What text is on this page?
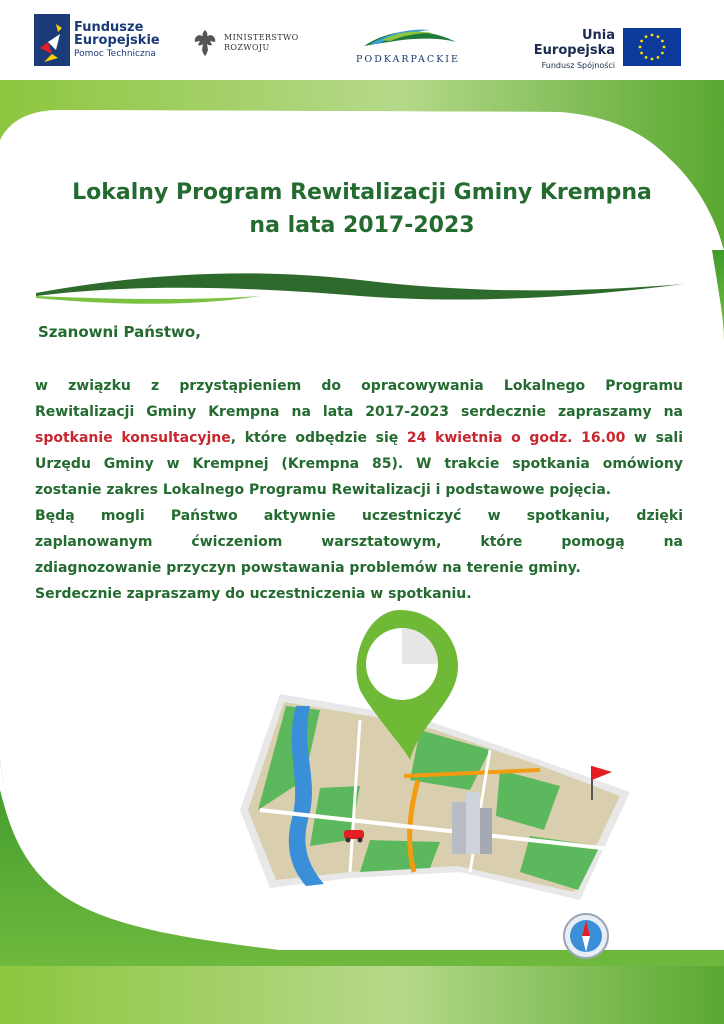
Fundusze
Europejskie
Pomoc Techniczna
MINISTERSTWO
ROZWOJU
PODKARPACKIE
Unia Europejska
Fundusz Spójności
Lokalny Program Rewitalizacji Gminy Krempna
na lata 2017-2023

Szanowni Państwo,

w związku z przystąpieniem do opracowywania Lokalnego Programu
Rewitalizacji Gminy Krempna na lata 2017-2023 serdecznie zapraszamy na
spotkanie konsultacyjne, które odbędzie się 24 kwietnia o godz. 16.00 w sali
Urzędu Gminy w Krempnej (Krempna 85). W trakcie spotkania omówiony
zostanie zakres Lokalnego Programu Rewitalizacji i podstawowe pojęcia.
Będą mogli Państwo aktywnie uczestniczyć w spotkaniu, dzięki
zaplanowanym ćwiczeniom warsztatowym, które pomogą na
zdiagnozowanie przyczyn powstawania problemów na terenie gminy.
Serdecznie zapraszamy do uczestniczenia w spotkaniu.
